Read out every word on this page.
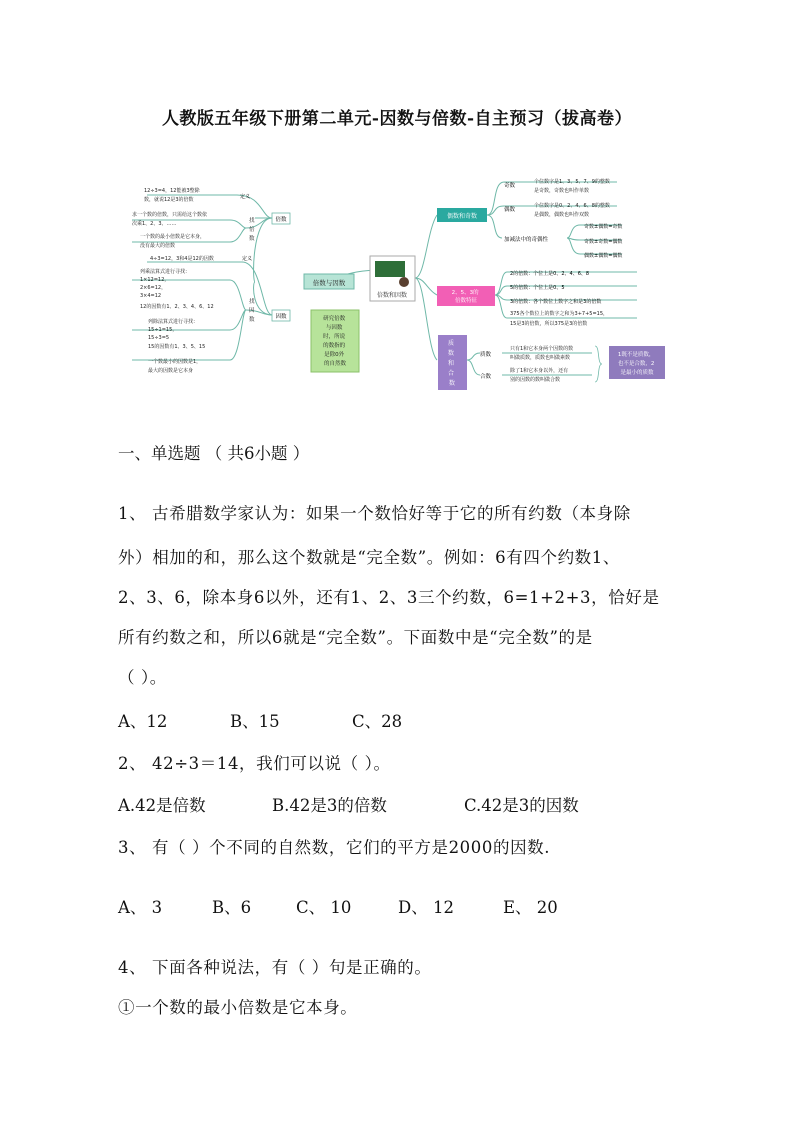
人教版五年级下册第二单元-因数与倍数-自主预习（拔高卷）
倍数和因数
倍数与因数
研究倍数 与因数 时，所说 的数指的 是除0外 的自然数
倍数
定义
12÷3=4，12能被3整除 数，就说12是3的倍数
找 倍 数
求一个数的倍数，只需给这个数依 次乘1、2、3、……
一个数的最小倍数是它本身， 没有最大的倍数
因数
定义
4÷3=12，3和4是12的因数
找 因 数
列乘法算式进行寻找： 1×12=12， 2×6=12， 3×4=12 12的因数有1、2、3、4、6、12
列除法算式进行寻找： 15÷1=15， 15÷3=5 15的因数有1、3、5、15
一个数最小的因数是1， 最大的因数是它本身
偶数和奇数
奇数
个位数字是1、3、5、7、9的整数 是奇数，奇数也叫作单数
偶数
个位数字是0、2、4、6、8的整数 是偶数，偶数也叫作双数
加减法中的奇偶性
奇数±偶数=奇数
奇数±奇数=偶数
偶数±偶数=偶数
2、5、3的 倍数特征
2的倍数：个位上是0、2、4、6、8
5的倍数：个位上是0、5
3的倍数：各个数位上数字之和是3的倍数
375各个数位上的数字之和为3+7+5=15， 15是3的倍数，所以375是3的倍数
质 数 和 合 数
质数
只有1和它本身两个因数的数 叫做质数，质数也叫做素数
合数
除了1和它本身以外，还有 别的因数的数叫做合数
1既不是质数， 也不是合数，2 是最小的质数
一、单选题 （ 共6小题 ）
1、 古希腊数学家认为：如果一个数恰好等于它的所有约数（本身除
外）相加的和，那么这个数就是“完全数”。例如：6有四个约数1、
2、3、6，除本身6以外，还有1、2、3三个约数，6=1+2+3，恰好是
所有约数之和，所以6就是“完全数”。下面数中是“完全数”的是
（ ）。
A、12	B、15	C、28
2、 42÷3＝14，我们可以说（ ）。
A.42是倍数	B.42是3的倍数	C.42是3的因数
3、 有（ ）个不同的自然数，它们的平方是2000的因数.
A、 3	B、6	C、 10	D、 12	E、 20
4、 下面各种说法，有（ ）句是正确的。
①一个数的最小倍数是它本身。
